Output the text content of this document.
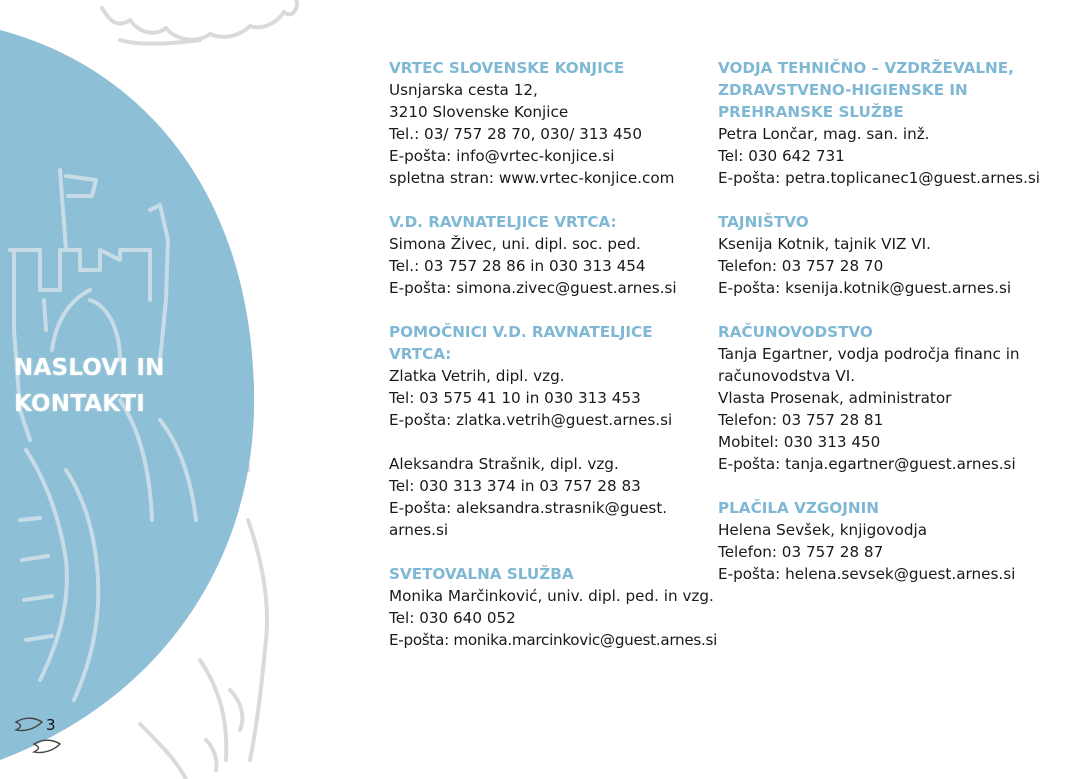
NASLOVI IN
KONTAKTI
3
VRTEC SLOVENSKE KONJICE
Usnjarska cesta 12,
3210 Slovenske Konjice
Tel.: 03/ 757 28 70, 030/ 313 450
E-pošta: info@vrtec-konjice.si
spletna stran: www.vrtec-konjice.com
V.D. RAVNATELJICE VRTCA:
Simona Živec, uni. dipl. soc. ped.
Tel.: 03 757 28 86 in 030 313 454
E-pošta: simona.zivec@guest.arnes.si
POMOČNICI V.D. RAVNATELJICE VRTCA:
Zlatka Vetrih, dipl. vzg.
Tel: 03 575 41 10 in 030 313 453
E-pošta: zlatka.vetrih@guest.arnes.si
Aleksandra Strašnik, dipl. vzg.
Tel: 030 313 374 in 03 757 28 83
E-pošta: aleksandra.strasnik@guest.
arnes.si
SVETOVALNA SLUŽBA
Monika Marčinković, univ. dipl. ped. in vzg.
Tel: 030 640 052
E-pošta: monika.marcinkovic@guest.arnes.si
VODJA TEHNIČNO – VZDRŽEVALNE,
ZDRAVSTVENO-HIGIENSKE IN
PREHRANSKE SLUŽBE
Petra Lončar, mag. san. inž.
Tel: 030 642 731
E-pošta: petra.toplicanec1@guest.arnes.si
TAJNIŠTVO
Ksenija Kotnik, tajnik VIZ VI.
Telefon: 03 757 28 70
E-pošta: ksenija.kotnik@guest.arnes.si
RAČUNOVODSTVO
Tanja Egartner, vodja področja financ in
računovodstva VI.
Vlasta Prosenak, administrator
Telefon: 03 757 28 81
Mobitel: 030 313 450
E-pošta: tanja.egartner@guest.arnes.si
PLAČILA VZGOJNIN
Helena Sevšek, knjigovodja
Telefon: 03 757 28 87
E-pošta: helena.sevsek@guest.arnes.si
